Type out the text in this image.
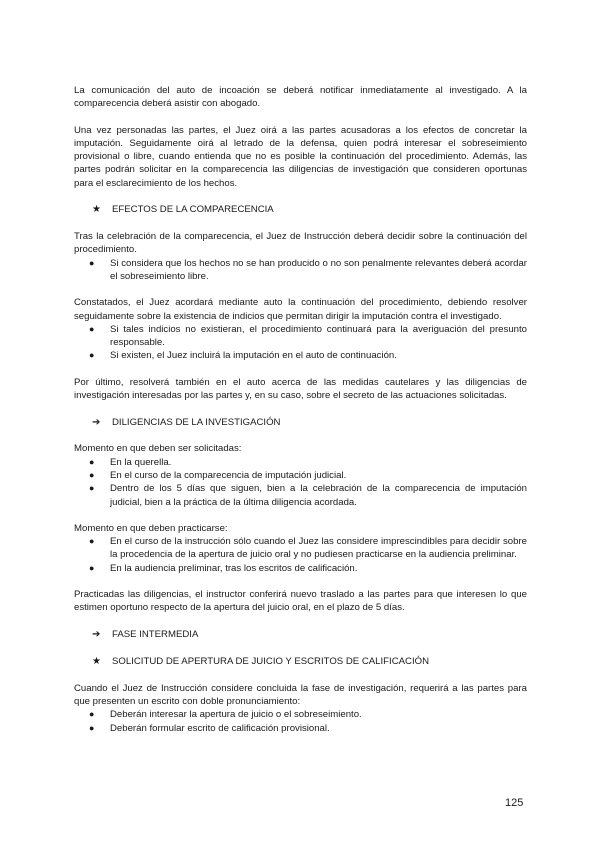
La comunicación del auto de incoación se deberá notificar inmediatamente al investigado. A la comparecencia deberá asistir con abogado.

Una vez personadas las partes, el Juez oirá a las partes acusadoras a los efectos de concretar la imputación. Seguidamente oirá al letrado de la defensa, quien podrá interesar el sobreseimiento provisional o libre, cuando entienda que no es posible la continuación del procedimiento. Además, las partes podrán solicitar en la comparecencia las diligencias de investigación que consideren oportunas para el esclarecimiento de los hechos.

★	EFECTOS DE LA COMPARECENCIA

Tras la celebración de la comparecencia, el Juez de Instrucción deberá decidir sobre la continuación del procedimiento.

● Si considera que los hechos no se han producido o no son penalmente relevantes deberá acordar el sobreseimiento libre.

Constatados, el Juez acordará mediante auto la continuación del procedimiento, debiendo resolver seguidamente sobre la existencia de indicios que permitan dirigir la imputación contra el investigado.

● Si tales indicios no existieran, el procedimiento continuará para la averiguación del presunto responsable.
● Si existen, el Juez incluirá la imputación en el auto de continuación.

Por último, resolverá también en el auto acerca de las medidas cautelares y las diligencias de investigación interesadas por las partes y, en su caso, sobre el secreto de las actuaciones solicitadas.

➔	DILIGENCIAS DE LA INVESTIGACIÓN

Momento en que deben ser solicitadas:

● En la querella.
● En el curso de la comparecencia de imputación judicial.
● Dentro de los 5 días que siguen, bien a la celebración de la comparecencia de imputación judicial, bien a la práctica de la última diligencia acordada.

Momento en que deben practicarse:

● En el curso de la instrucción sólo cuando el Juez las considere imprescindibles para decidir sobre la procedencia de la apertura de juicio oral y no pudiesen practicarse en la audiencia preliminar.
● En la audiencia preliminar, tras los escritos de calificación.

Practicadas las diligencias, el instructor conferirá nuevo traslado a las partes para que interesen lo que estimen oportuno respecto de la apertura del juicio oral, en el plazo de 5 días.

➔	FASE INTERMEDIA
★	SOLICITUD DE APERTURA DE JUICIO Y ESCRITOS DE CALIFICACIÓN

Cuando el Juez de Instrucción considere concluida la fase de investigación, requerirá a las partes para que presenten un escrito con doble pronunciamiento:

● Deberán interesar la apertura de juicio o el sobreseimiento.
● Deberán formular escrito de calificación provisional.
125
